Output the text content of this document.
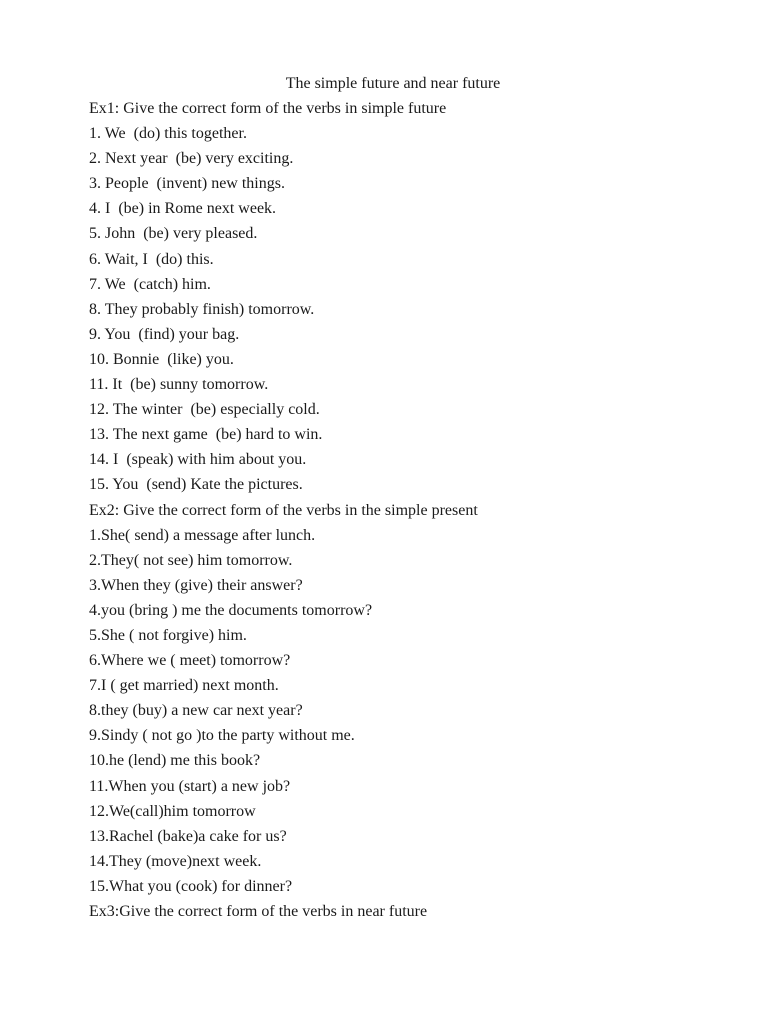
The simple future and near future
Ex1: Give the correct form of the verbs in simple future
1. We  (do) this together.
2. Next year  (be) very exciting.
3. People  (invent) new things.
4. I  (be) in Rome next week.
5. John  (be) very pleased.
6. Wait, I  (do) this.
7. We  (catch) him.
8. They probably finish) tomorrow.
9. You  (find) your bag.
10. Bonnie  (like) you.
11. It  (be) sunny tomorrow.
12. The winter  (be) especially cold.
13. The next game  (be) hard to win.
14. I  (speak) with him about you.
15. You  (send) Kate the pictures.
Ex2: Give the correct form of the verbs in the simple present
1.She( send) a message after lunch.
2.They( not see) him tomorrow.
3.When they (give) their answer?
4.you (bring ) me the documents tomorrow?
5.She ( not forgive) him.
6.Where we ( meet) tomorrow?
7.I ( get married) next month.
8.they (buy) a new car next year?
9.Sindy ( not go )to the party without me.
10.he (lend) me this book?
11.When you (start) a new job?
12.We(call)him tomorrow
13.Rachel (bake)a cake for us?
14.They (move)next week.
15.What you (cook) for dinner?
Ex3:Give the correct form of the verbs in near future
